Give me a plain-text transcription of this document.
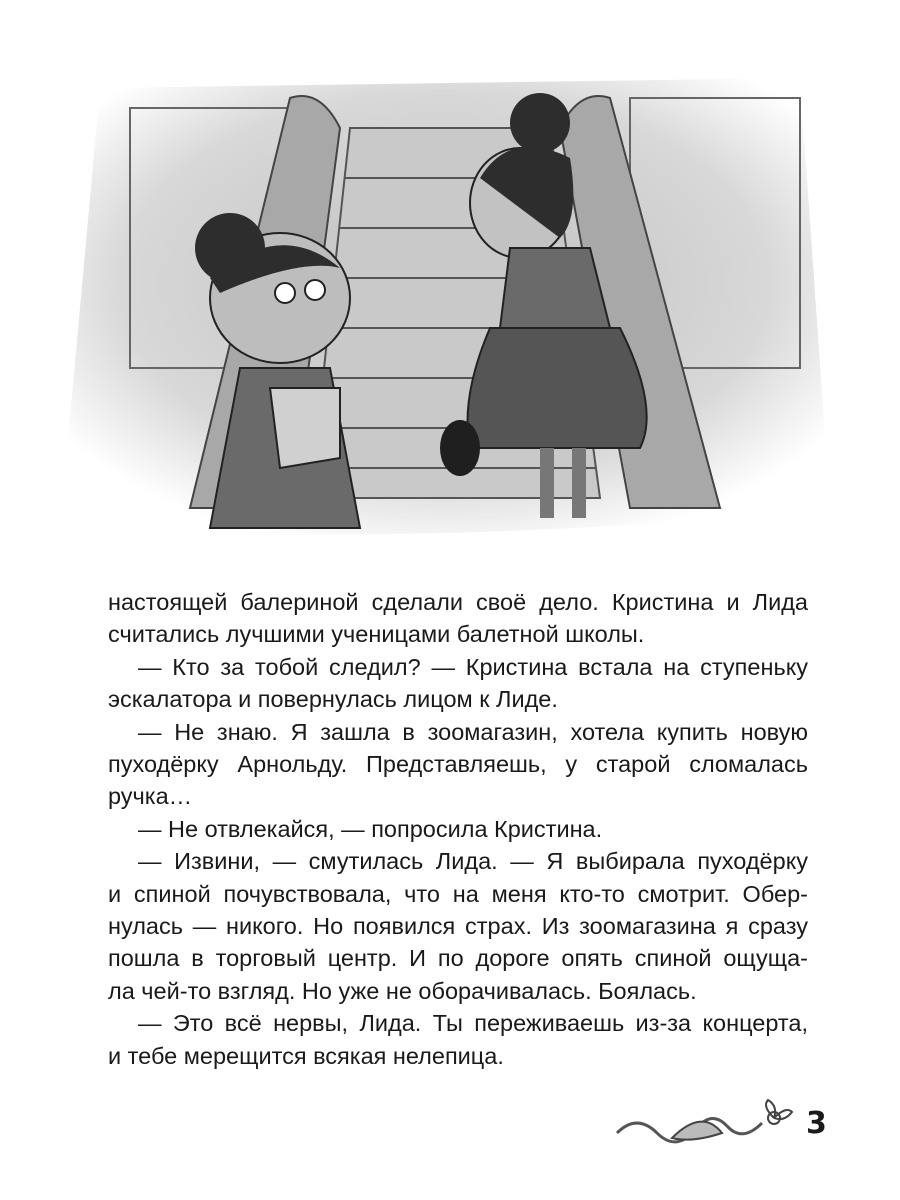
настоящей балериной сделали своё дело. Кристина и Лида
считались лучшими ученицами балетной школы.
— Кто за тобой следил? — Кристина встала на ступеньку
эскалатора и повернулась лицом к Лиде.
— Не знаю. Я зашла в зоомагазин, хотела купить новую
пуходёрку Арнольду. Представляешь, у старой сломалась
ручка…
— Не отвлекайся, — попросила Кристина.
— Извини, — смутилась Лида. — Я выбирала пуходёрку
и спиной почувствовала, что на меня кто-то смотрит. Обер-
нулась — никого. Но появился страх. Из зоомагазина я сразу
пошла в торговый центр. И по дороге опять спиной ощуща-
ла чей-то взгляд. Но уже не оборачивалась. Боялась.
— Это всё нервы, Лида. Ты переживаешь из-за концерта,
и тебе мерещится всякая нелепица.
3
